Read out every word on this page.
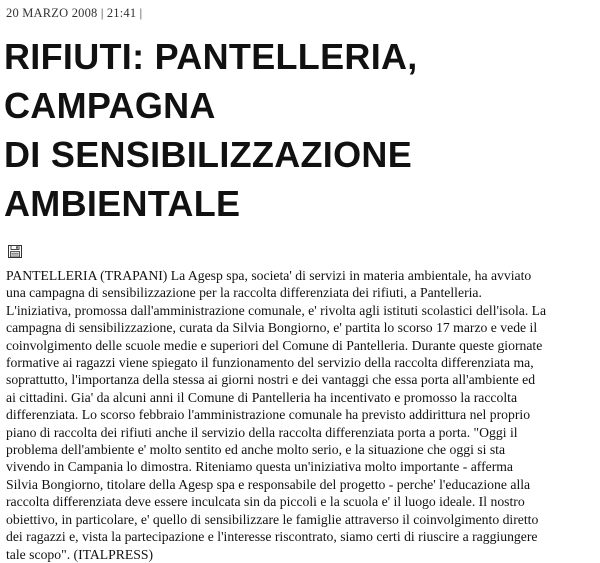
20 MARZO 2008 | 21:41 |
RIFIUTI: PANTELLERIA,
CAMPAGNA
DI SENSIBILIZZAZIONE
AMBIENTALE

PANTELLERIA (TRAPANI) La Agesp spa, societa' di servizi in materia ambientale, ha avviato
una campagna di sensibilizzazione per la raccolta differenziata dei rifiuti, a Pantelleria.
L'iniziativa, promossa dall'amministrazione comunale, e' rivolta agli istituti scolastici dell'isola. La
campagna di sensibilizzazione, curata da Silvia Bongiorno, e' partita lo scorso 17 marzo e vede il
coinvolgimento delle scuole medie e superiori del Comune di Pantelleria. Durante queste giornate
formative ai ragazzi viene spiegato il funzionamento del servizio della raccolta differenziata ma,
soprattutto, l'importanza della stessa ai giorni nostri e dei vantaggi che essa porta all'ambiente ed
ai cittadini. Gia' da alcuni anni il Comune di Pantelleria ha incentivato e promosso la raccolta
differenziata. Lo scorso febbraio l'amministrazione comunale ha previsto addirittura nel proprio
piano di raccolta dei rifiuti anche il servizio della raccolta differenziata porta a porta. "Oggi il
problema dell'ambiente e' molto sentito ed anche molto serio, e la situazione che oggi si sta
vivendo in Campania lo dimostra. Riteniamo questa un'iniziativa molto importante - afferma
Silvia Bongiorno, titolare della Agesp spa e responsabile del progetto - perche' l'educazione alla
raccolta differenziata deve essere inculcata sin da piccoli e la scuola e' il luogo ideale. Il nostro
obiettivo, in particolare, e' quello di sensibilizzare le famiglie attraverso il coinvolgimento diretto
dei ragazzi e, vista la partecipazione e l'interesse riscontrato, siamo certi di riuscire a raggiungere
tale scopo". (ITALPRESS)
